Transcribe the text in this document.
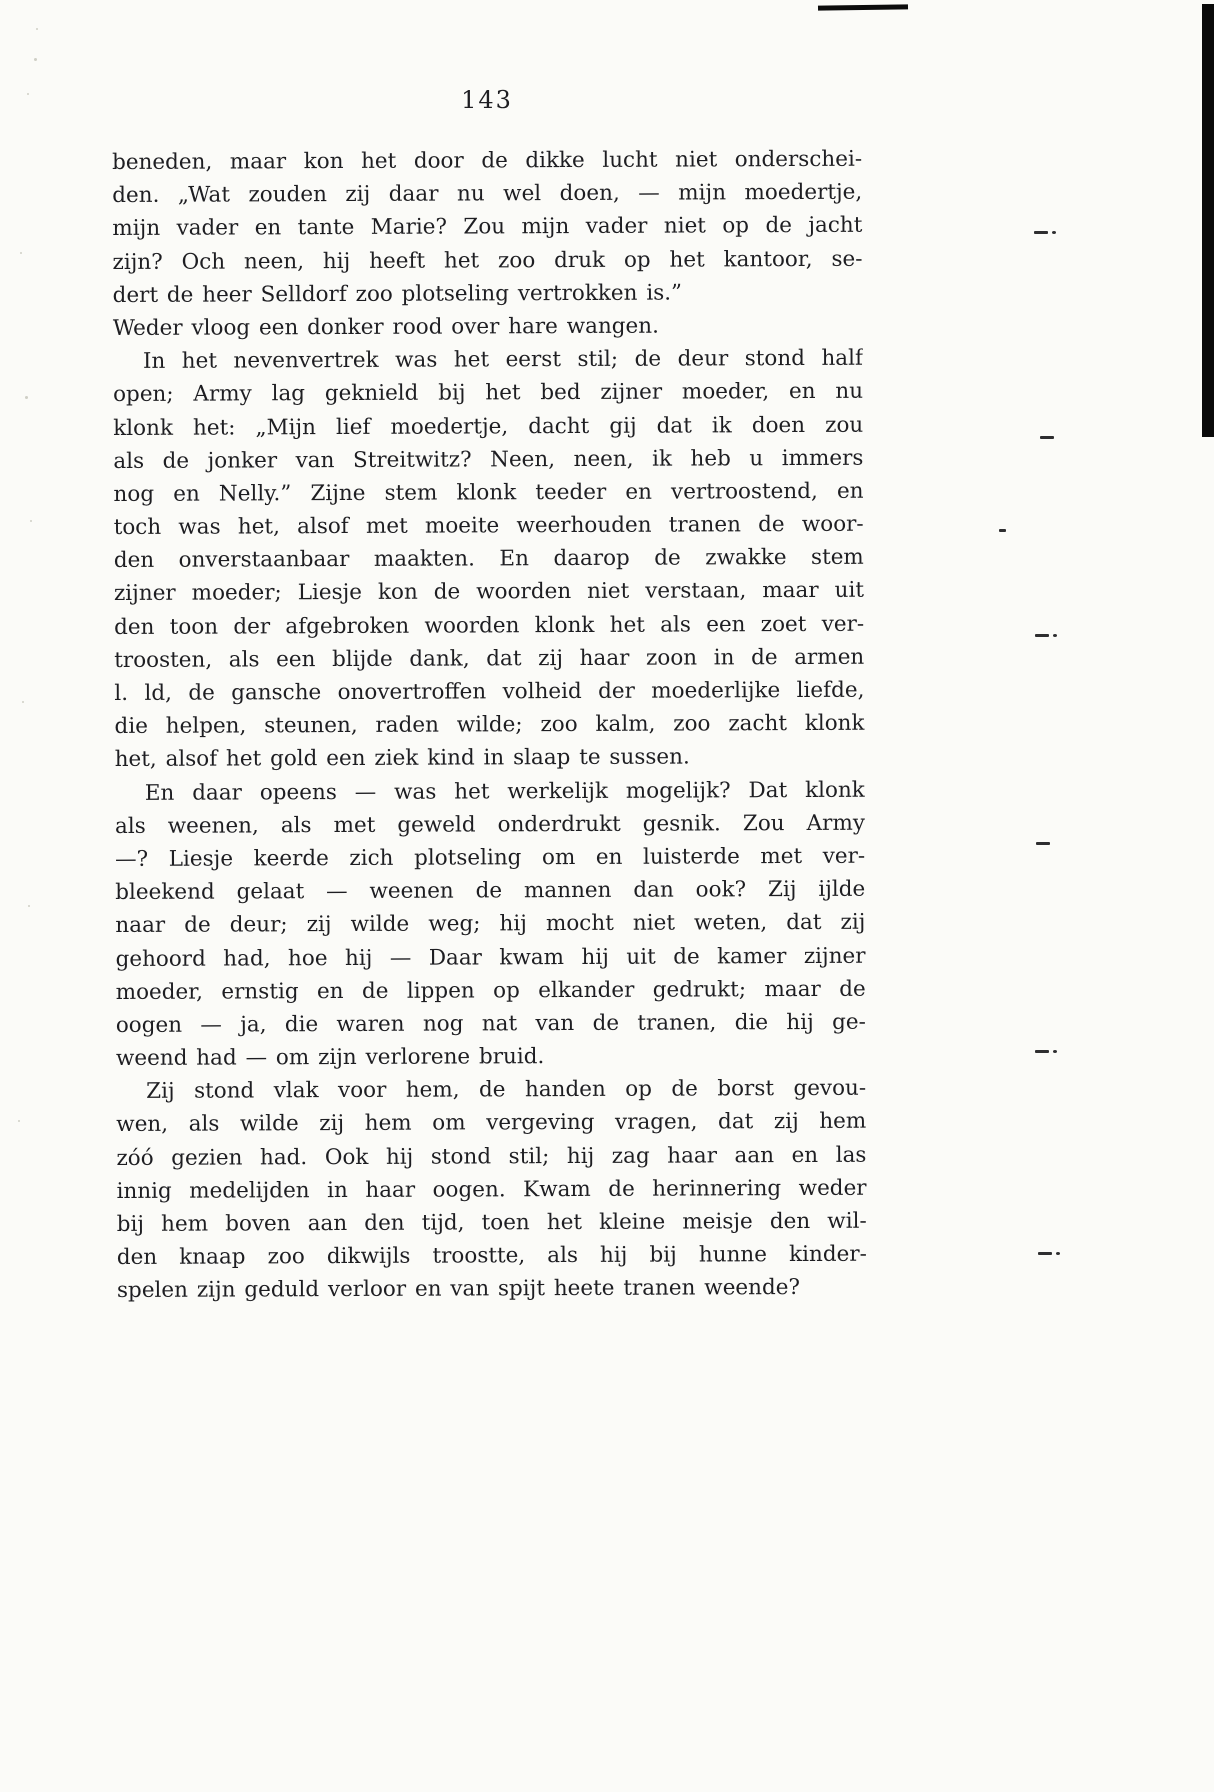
143
beneden, maar kon het door de dikke lucht niet onderschei-
den. „Wat zouden zij daar nu wel doen, — mijn moedertje,
mijn vader en tante Marie? Zou mijn vader niet op de jacht
zijn? Och neen, hij heeft het zoo druk op het kantoor, se-
dert de heer Selldorf zoo plotseling vertrokken is.”
Weder vloog een donker rood over hare wangen.
In het nevenvertrek was het eerst stil; de deur stond half
open; Army lag geknield bij het bed zijner moeder, en nu
klonk het: „Mijn lief moedertje, dacht gij dat ik doen zou
als de jonker van Streitwitz? Neen, neen, ik heb u immers
nog en Nelly.” Zijne stem klonk teeder en vertroostend, en
toch was het, alsof met moeite weerhouden tranen de woor-
den onverstaanbaar maakten. En daarop de zwakke stem
zijner moeder; Liesje kon de woorden niet verstaan, maar uit
den toon der afgebroken woorden klonk het als een zoet ver-
troosten, als een blijde dank, dat zij haar zoon in de armen
l. ld, de gansche onovertroffen volheid der moederlijke liefde,
die helpen, steunen, raden wilde; zoo kalm, zoo zacht klonk
het, alsof het gold een ziek kind in slaap te sussen.
En daar opeens — was het werkelijk mogelijk? Dat klonk
als weenen, als met geweld onderdrukt gesnik. Zou Army
—? Liesje keerde zich plotseling om en luisterde met ver-
bleekend gelaat — weenen de mannen dan ook? Zij ijlde
naar de deur; zij wilde weg; hij mocht niet weten, dat zij
gehoord had, hoe hij — Daar kwam hij uit de kamer zijner
moeder, ernstig en de lippen op elkander gedrukt; maar de
oogen — ja, die waren nog nat van de tranen, die hij ge-
weend had — om zijn verlorene bruid.
Zij stond vlak voor hem, de handen op de borst gevou-
wen, als wilde zij hem om vergeving vragen, dat zij hem
zóó gezien had. Ook hij stond stil; hij zag haar aan en las
innig medelijden in haar oogen. Kwam de herinnering weder
bij hem boven aan den tijd, toen het kleine meisje den wil-
den knaap zoo dikwijls troostte, als hij bij hunne kinder-
spelen zijn geduld verloor en van spijt heete tranen weende?
